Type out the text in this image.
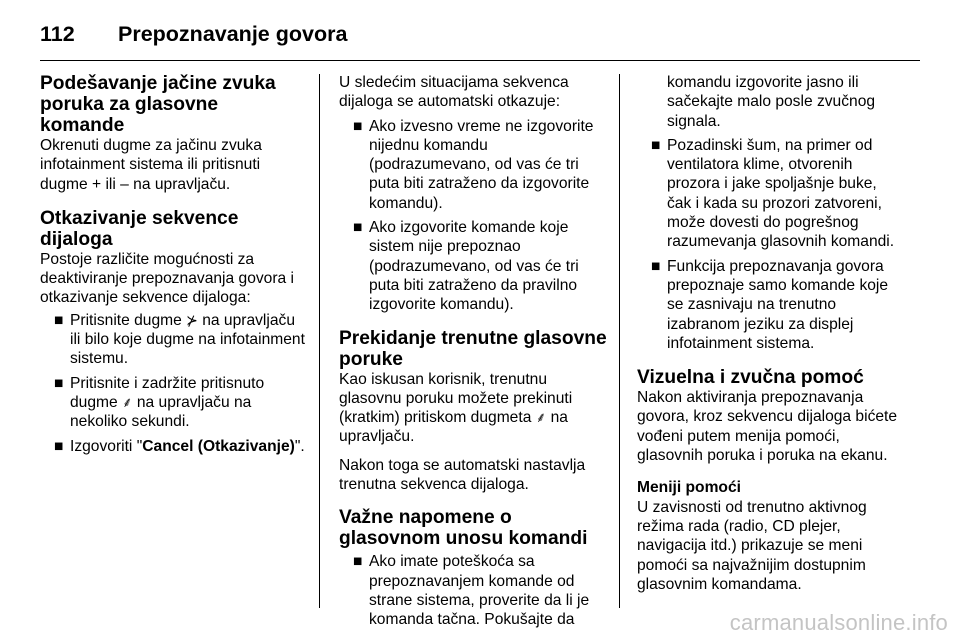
112 Prepoznavanje govora
Podešavanje jačine zvuka poruka za glasovne komande

Okrenuti dugme za jačinu zvuka infotainment sistema ili pritisnuti dugme + ili – na upravljaču.

Otkazivanje sekvence dijaloga

Postoje različite mogućnosti za deaktiviranje prepoznavanja govora i otkazivanje sekvence dijaloga:

■ Pritisnite dugme ⊁ na upravljaču ili bilo koje dugme na infotainment sistemu.
■ Pritisnite i zadržite pritisnuto dugme ⸙ na upravljaču na nekoliko sekundi.
■ Izgovoriti "Cancel (Otkazivanje)".

U sledećim situacijama sekvenca dijaloga se automatski otkazuje:

■ Ako izvesno vreme ne izgovorite nijednu komandu (podrazumevano, od vas će tri puta biti zatraženo da izgovorite komandu).
■ Ako izgovorite komande koje sistem nije prepoznao (podrazumevano, od vas će tri puta biti zatraženo da pravilno izgovorite komandu).
Prekidanje trenutne glasovne poruke

Kao iskusan korisnik, trenutnu glasovnu poruku možete prekinuti (kratkim) pritiskom dugmeta ⸙ na upravljaču.

Nakon toga se automatski nastavlja trenutna sekvenca dijaloga.

Važne napomene o glasovnom unosu komandi
■ Ako imate poteškoća sa prepoznavanjem komande od strane sistema, proverite da li je komanda tačna. Pokušajte da

komandu izgovorite jasno ili sačekajte malo posle zvučnog signala.

■ Pozadinski šum, na primer od ventilatora klime, otvorenih prozora i jake spoljašnje buke, čak i kada su prozori zatvoreni, može dovesti do pogrešnog razumevanja glasovnih komandi.
■ Funkcija prepoznavanja govora prepoznaje samo komande koje se zasnivaju na trenutno izabranom jeziku za displej infotainment sistema.
Vizuelna i zvučna pomoć

Nakon aktiviranja prepoznavanja govora, kroz sekvencu dijaloga bićete vođeni putem menija pomoći, glasovnih poruka i poruka na ekanu.

Meniji pomoći

U zavisnosti od trenutno aktivnog režima rada (radio, CD plejer, navigacija itd.) prikazuje se meni pomoći sa najvažnijim dostupnim glasovnim komandama.

carmanualsonline.info
